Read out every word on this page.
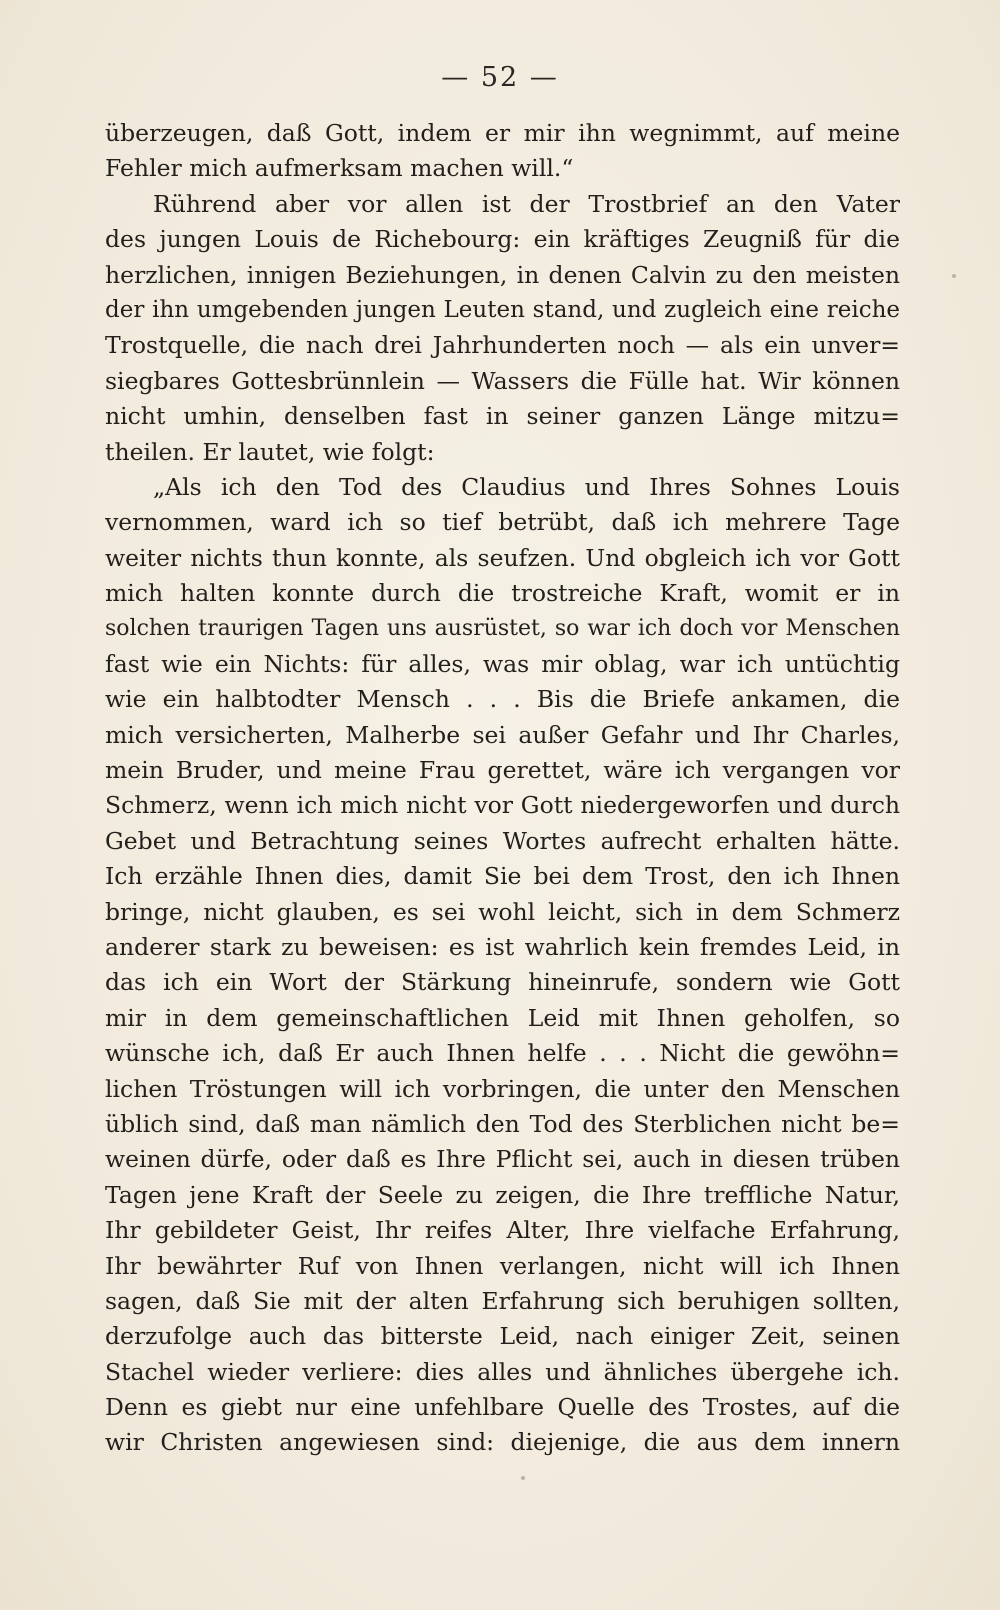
— 52 —
überzeugen, daß Gott, indem er mir ihn wegnimmt, auf meine
Fehler mich aufmerksam machen will.“
Rührend aber vor allen ist der Trostbrief an den Vater
des jungen Louis de Richebourg: ein kräftiges Zeugniß für die
herzlichen, innigen Beziehungen, in denen Calvin zu den meisten
der ihn umgebenden jungen Leuten stand, und zugleich eine reiche
Trostquelle, die nach drei Jahrhunderten noch — als ein unver=
siegbares Gottesbrünnlein — Wassers die Fülle hat. Wir können
nicht umhin, denselben fast in seiner ganzen Länge mitzu=
theilen. Er lautet, wie folgt:
„Als ich den Tod des Claudius und Ihres Sohnes Louis
vernommen, ward ich so tief betrübt, daß ich mehrere Tage
weiter nichts thun konnte, als seufzen. Und obgleich ich vor Gott
mich halten konnte durch die trostreiche Kraft, womit er in
solchen traurigen Tagen uns ausrüstet, so war ich doch vor Menschen
fast wie ein Nichts: für alles, was mir oblag, war ich untüchtig
wie ein halbtodter Mensch . . . Bis die Briefe ankamen, die
mich versicherten, Malherbe sei außer Gefahr und Ihr Charles,
mein Bruder, und meine Frau gerettet, wäre ich vergangen vor
Schmerz, wenn ich mich nicht vor Gott niedergeworfen und durch
Gebet und Betrachtung seines Wortes aufrecht erhalten hätte.
Ich erzähle Ihnen dies, damit Sie bei dem Trost, den ich Ihnen
bringe, nicht glauben, es sei wohl leicht, sich in dem Schmerz
anderer stark zu beweisen: es ist wahrlich kein fremdes Leid, in
das ich ein Wort der Stärkung hineinrufe, sondern wie Gott
mir in dem gemeinschaftlichen Leid mit Ihnen geholfen, so
wünsche ich, daß Er auch Ihnen helfe . . . Nicht die gewöhn=
lichen Tröstungen will ich vorbringen, die unter den Menschen
üblich sind, daß man nämlich den Tod des Sterblichen nicht be=
weinen dürfe, oder daß es Ihre Pflicht sei, auch in diesen trüben
Tagen jene Kraft der Seele zu zeigen, die Ihre treffliche Natur,
Ihr gebildeter Geist, Ihr reifes Alter, Ihre vielfache Erfahrung,
Ihr bewährter Ruf von Ihnen verlangen, nicht will ich Ihnen
sagen, daß Sie mit der alten Erfahrung sich beruhigen sollten,
derzufolge auch das bitterste Leid, nach einiger Zeit, seinen
Stachel wieder verliere: dies alles und ähnliches übergehe ich.
Denn es giebt nur eine unfehlbare Quelle des Trostes, auf die
wir Christen angewiesen sind: diejenige, die aus dem innern
